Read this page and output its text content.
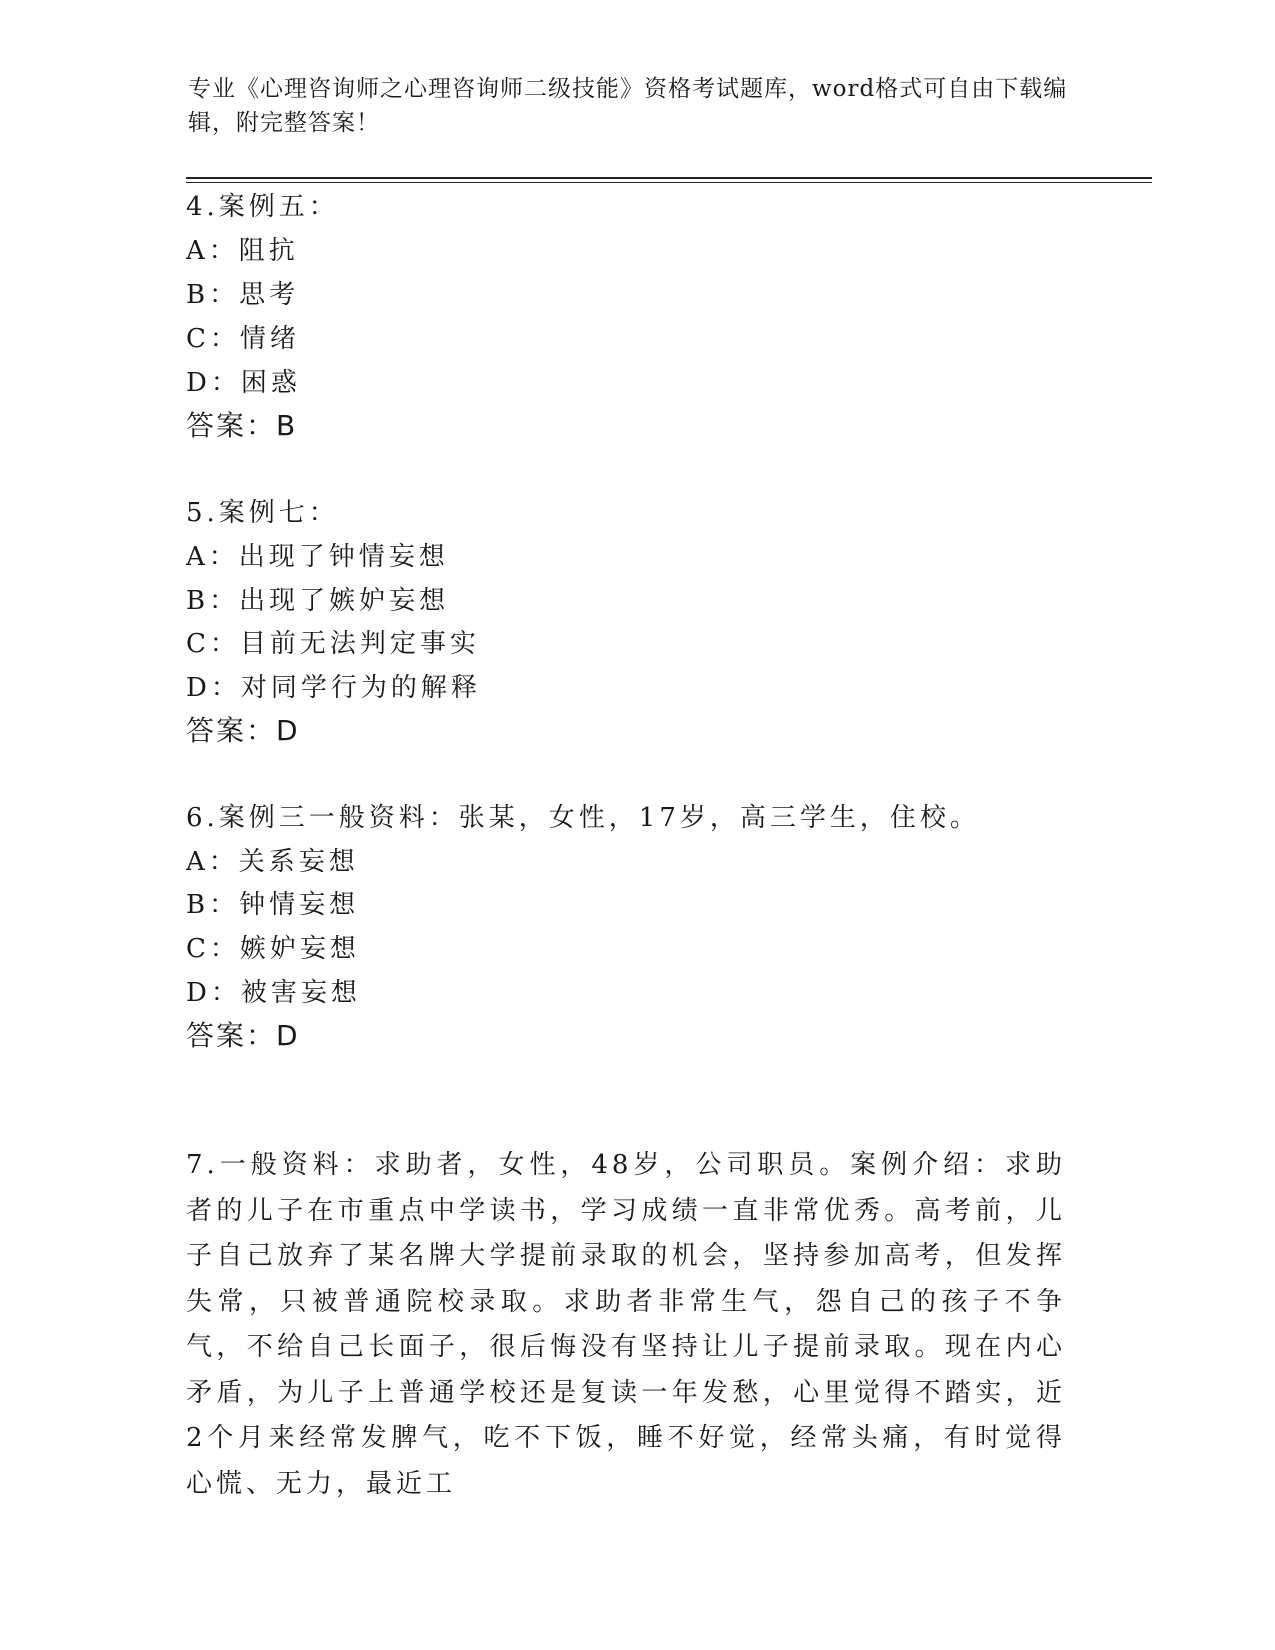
专业《心理咨询师之心理咨询师二级技能》资格考试题库，word格式可自由下载编辑，附完整答案！
4.案例五：
A：阻抗
B：思考
C：情绪
D：困惑
答案：B
5.案例七：
A：出现了钟情妄想
B：出现了嫉妒妄想
C：目前无法判定事实
D：对同学行为的解释
答案：D
6.案例三一般资料：张某，女性，17岁，高三学生，住校。
A：关系妄想
B：钟情妄想
C：嫉妒妄想
D：被害妄想
答案：D
7.一般资料：求助者，女性，48岁，公司职员。案例介绍：求助者的儿子在市重点中学读书，学习成绩一直非常优秀。高考前，儿子自己放弃了某名牌大学提前录取的机会，坚持参加高考，但发挥失常，只被普通院校录取。求助者非常生气，怨自己的孩子不争气，不给自己长面子，很后悔没有坚持让儿子提前录取。现在内心矛盾，为儿子上普通学校还是复读一年发愁，心里觉得不踏实，近2个月来经常发脾气，吃不下饭，睡不好觉，经常头痛，有时觉得心慌、无力，最近工
